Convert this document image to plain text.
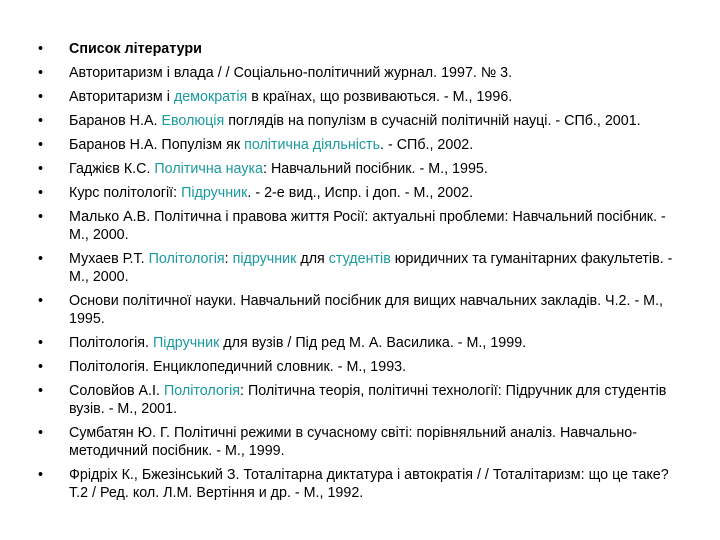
•	Список літератури
•	Авторитаризм і влада / / Соціально-політичний журнал. 1997. № 3.
•	Авторитаризм і демократія в країнах, що розвиваються. - М., 1996.
•	Баранов Н.А. Еволюція поглядів на популізм в сучасній політичній науці. - СПб., 2001.
•	Баранов Н.А. Популізм як політична діяльність. - СПб., 2002.
•	Гаджієв К.С. Політична наука: Навчальний посібник. - М., 1995.
•	Курс політології: Підручник. - 2-е вид., Испр. і доп. - М., 2002.
•	Малько А.В. Політична і правова життя Росії: актуальні проблеми: Навчальний посібник. - М., 2000.
•	Мухаев Р.Т. Політологія: підручник для студентів юридичних та гуманітарних факультетів. - М., 2000.
•	Основи політичної науки. Навчальний посібник для вищих навчальних закладів. Ч.2. - М., 1995.
•	Політологія. Підручник для вузів / Під ред М. А. Василика. - М., 1999.
•	Політологія. Енциклопедичний словник. - М., 1993.
•	Соловйов А.І. Політологія: Політична теорія, політичні технології: Підручник для студентів вузів. - М., 2001.
•	Сумбатян Ю. Г. Політичні режими в сучасному світі: порівняльний аналіз. Навчально-методичний посібник. - М., 1999.
•	Фрідріх К., Бжезінський З. Тоталітарна диктатура і автократія / / Тоталітаризм: що це таке? Т.2 / Ред. кол. Л.М. Вертіння и др. - М., 1992.
